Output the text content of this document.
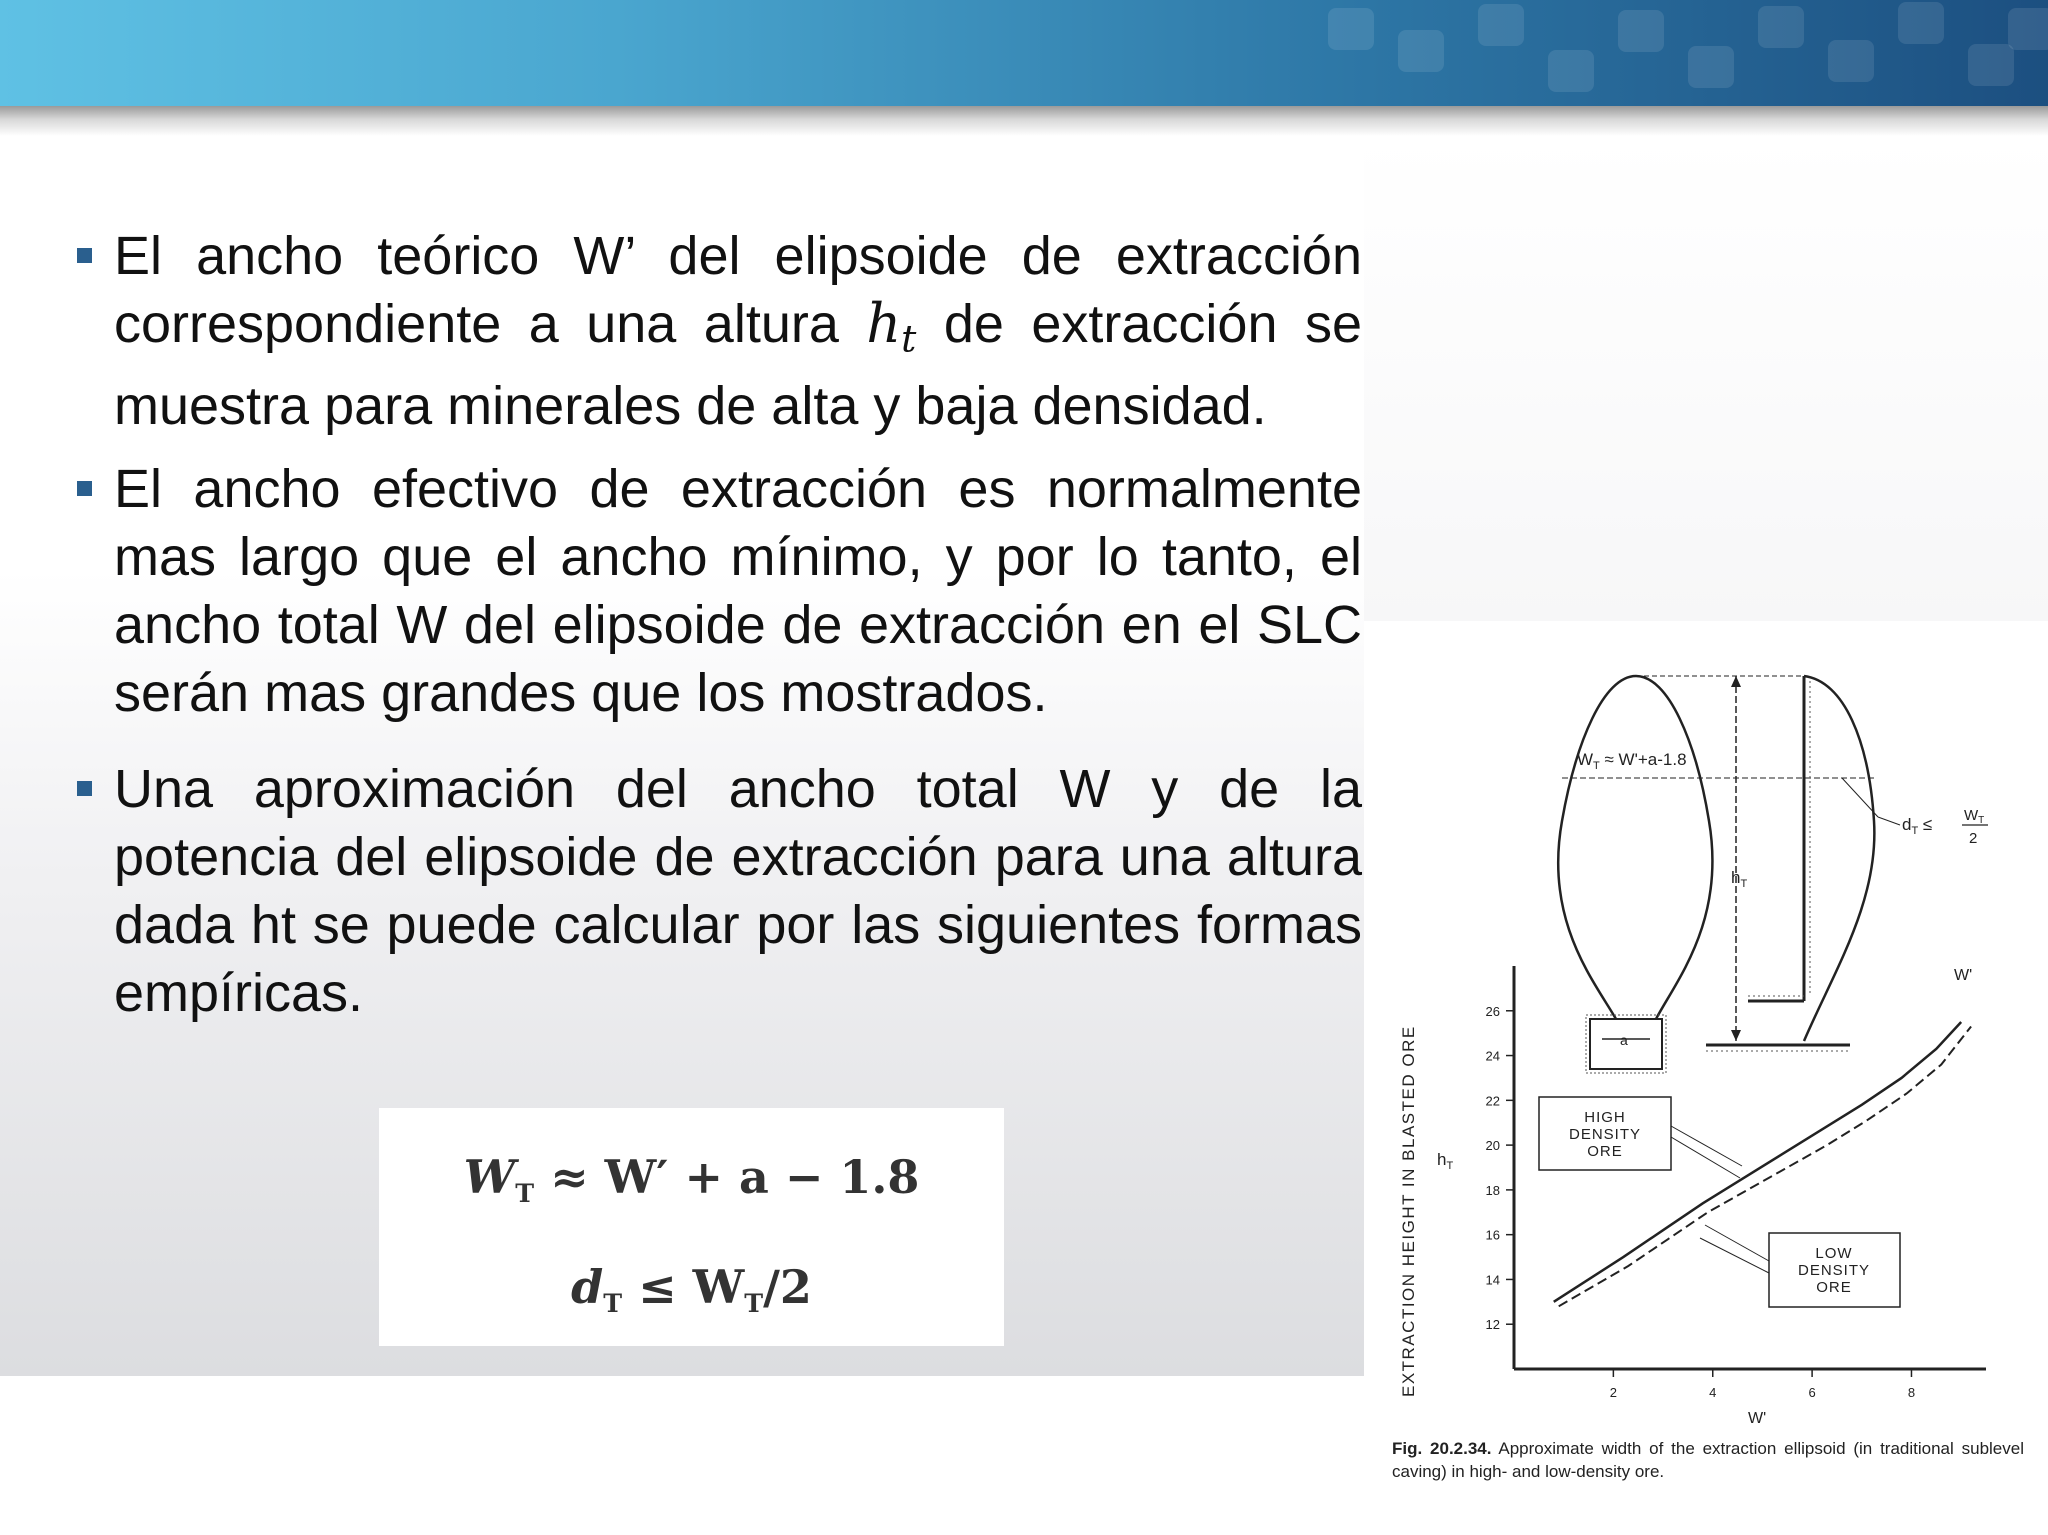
El ancho teórico W’ del elipsoide de extracción correspondiente a una altura $h_t$ de extracción se muestra para minerales de alta y baja densidad.
El ancho efectivo de extracción es normalmente mas largo que el ancho mínimo, y por lo tanto, el ancho total W del elipsoide de extracción en el SLC serán mas grandes que los mostrados.
Una aproximación del ancho total W y de la potencia del elipsoide de extracción para una altura dada ht se puede calcular por las siguientes formas empíricas.
$W_T \approx W' + a - 1.8$
$d_T \le W_T/2$
a
$W_T \approx W'+a-1.8$
$h_T$
$d_T \le W_T$
2
12
14
16
18
20
22
24
26
2	4	6	8
EXTRACTION HEIGHT IN BLASTED ORE $h_T$
W'
W'
HIGH
DENSITY
ORE
LOW
DENSITY
ORE
Fig. 20.2.34. Approximate width of the extraction ellipsoid (in traditional sublevel caving) in high- and low-density ore.
